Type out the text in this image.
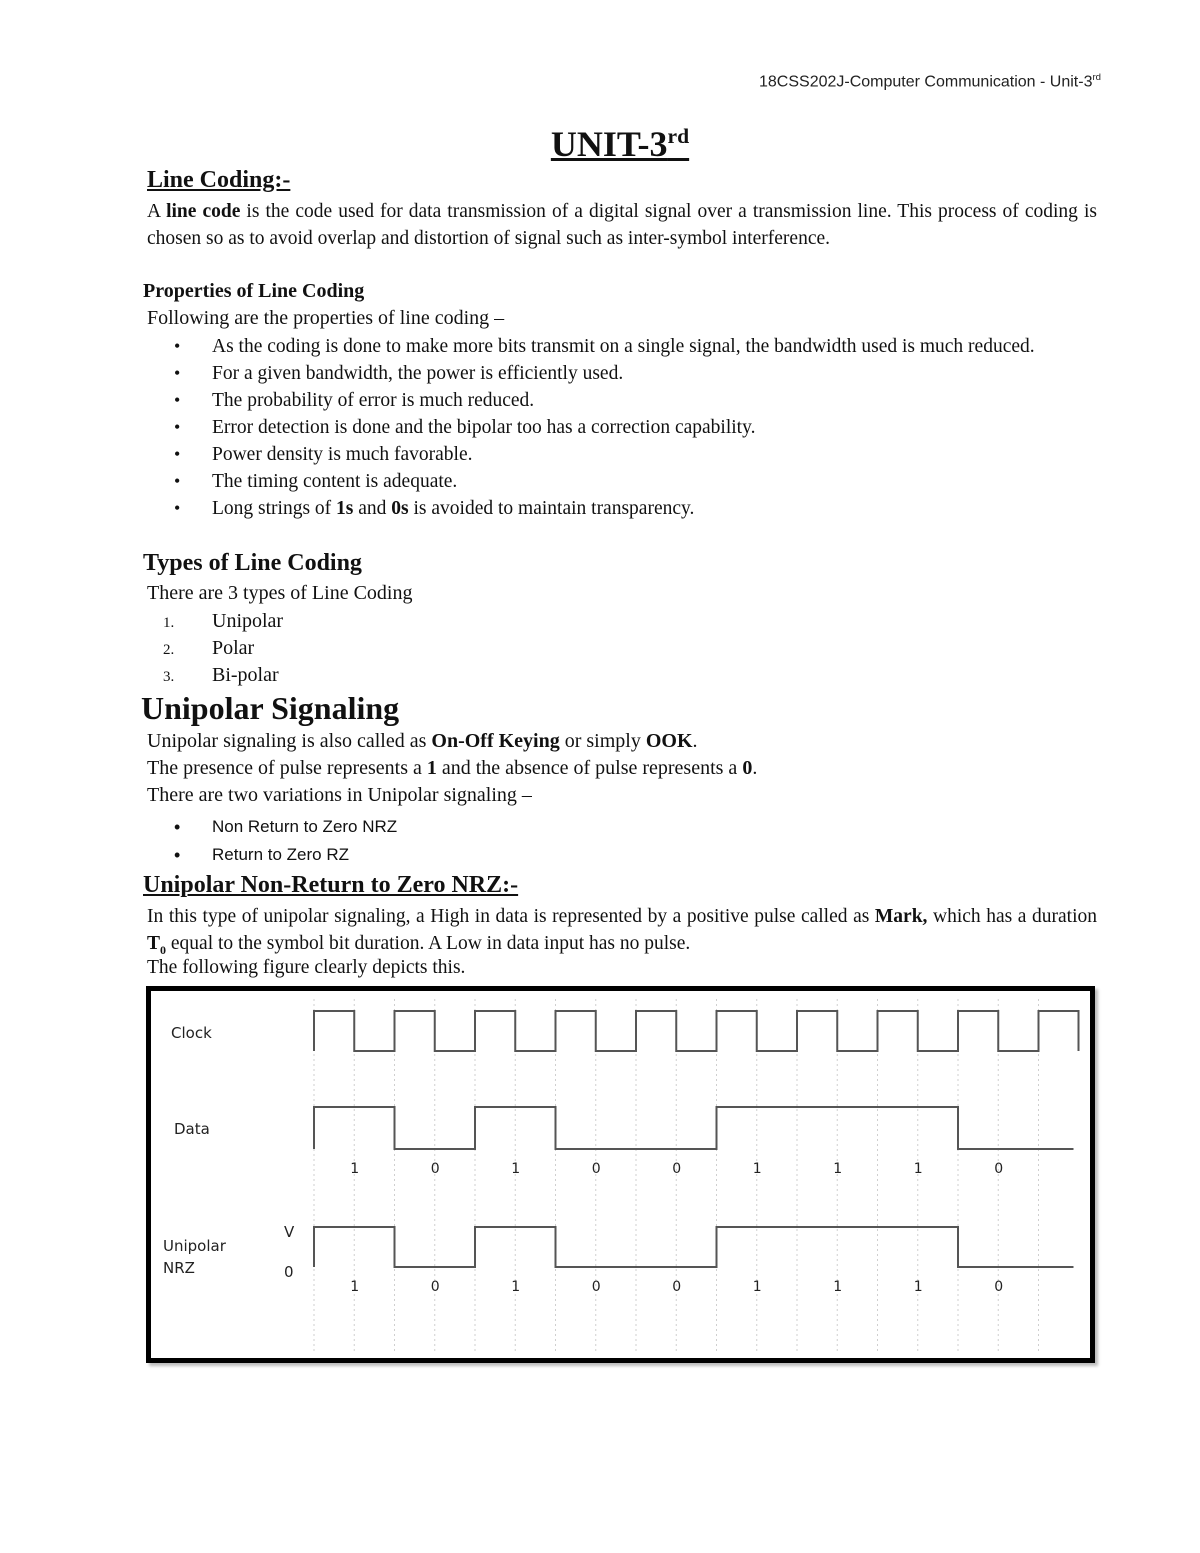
18CSS202J-Computer Communication - Unit-3rd
UNIT-3rd
Line Coding:-
A line code is the code used for data transmission of a digital signal over a transmission line. This process of coding is chosen so as to avoid overlap and distortion of signal such as inter-symbol interference.
Properties of Line Coding
Following are the properties of line coding –
• As the coding is done to make more bits transmit on a single signal, the bandwidth used is much reduced.
• For a given bandwidth, the power is efficiently used.
• The probability of error is much reduced.
• Error detection is done and the bipolar too has a correction capability.
• Power density is much favorable.
• The timing content is adequate.
• Long strings of 1s and 0s is avoided to maintain transparency.
Types of Line Coding
There are 3 types of Line Coding
1. Unipolar
2. Polar
3. Bi-polar
Unipolar Signaling
Unipolar signaling is also called as On-Off Keying or simply OOK.
The presence of pulse represents a 1 and the absence of pulse represents a 0.
There are two variations in Unipolar signaling –
• Non Return to Zero NRZ
• Return to Zero RZ
Unipolar Non-Return to Zero NRZ:-
In this type of unipolar signaling, a High in data is represented by a positive pulse called as Mark, which has a duration $T_0$ equal to the symbol bit duration. A Low in data input has no pulse.
The following figure clearly depicts this.
Clock
Data
Unipolar
NRZ
V
0
1	0	1	0	0	1	1	1	0
1	0	1	0	0	1	1	1	0
